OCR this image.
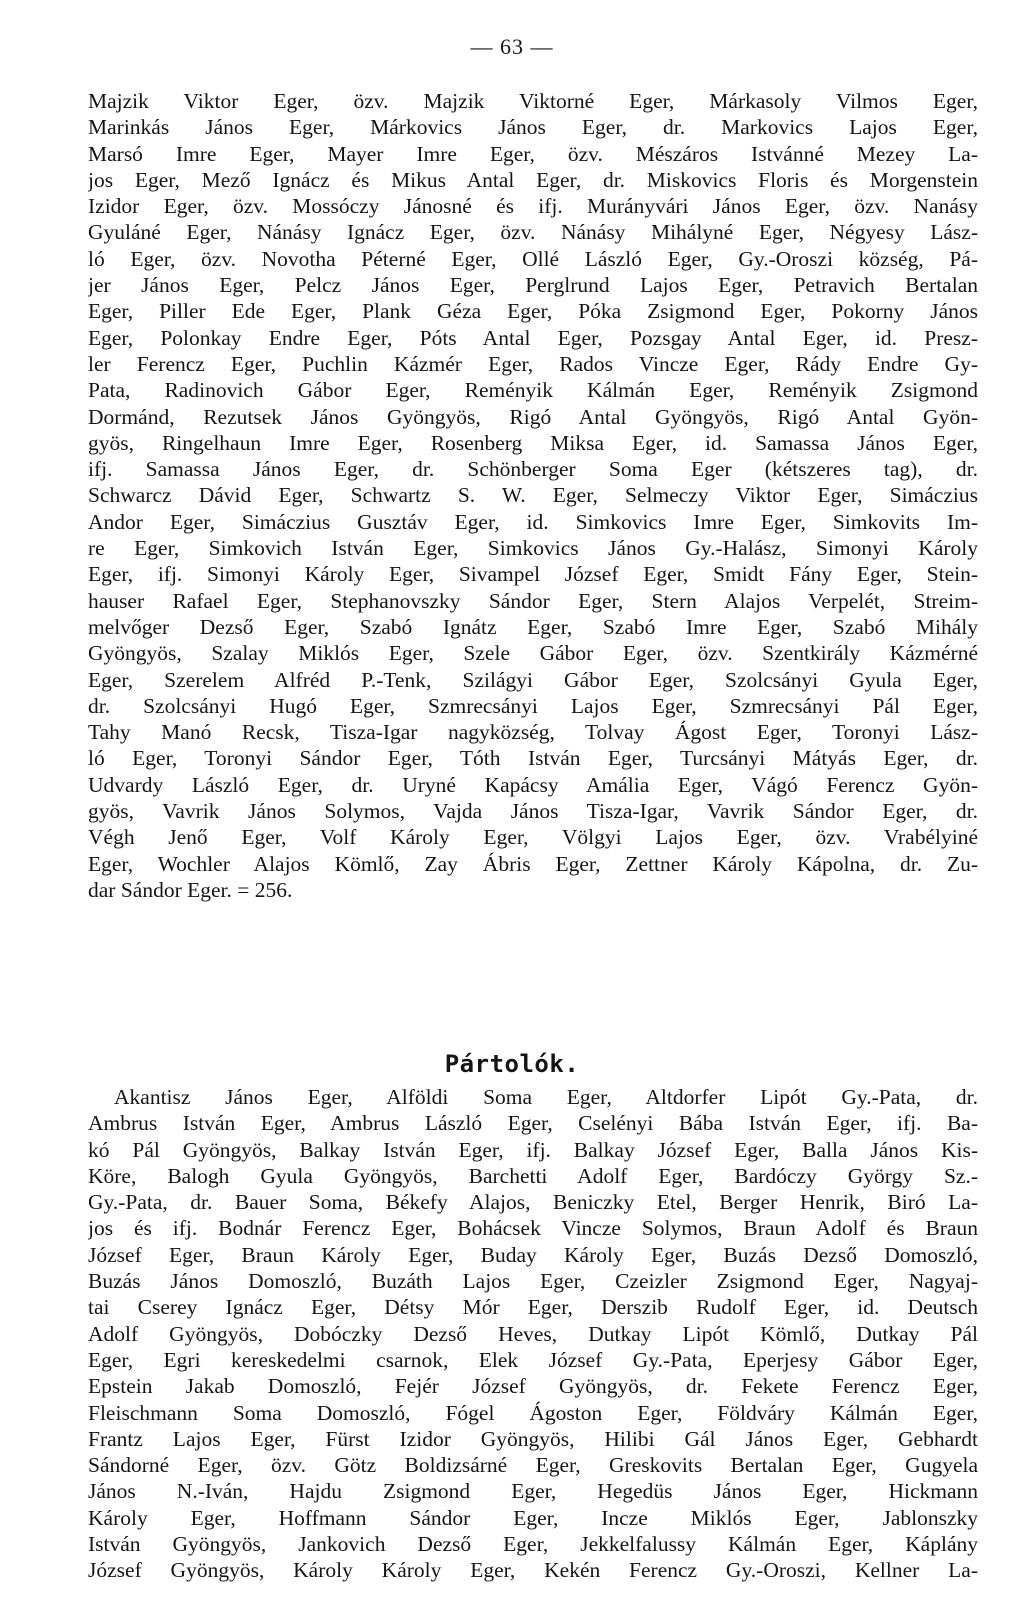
— 63 —
Majzik Viktor Eger, özv. Majzik Viktorné Eger, Márkasoly Vilmos Eger,
Marinkás János Eger, Márkovics János Eger, dr. Markovics Lajos Eger,
Marsó Imre Eger, Mayer Imre Eger, özv. Mészáros Istvánné Mezey La-
jos Eger, Mező Ignácz és Mikus Antal Eger, dr. Miskovics Floris és Morgenstein
Izidor Eger, özv. Mossóczy Jánosné és ifj. Murányvári János Eger, özv. Nanásy
Gyuláné Eger, Nánásy Ignácz Eger, özv. Nánásy Mihályné Eger, Négyesy Lász-
ló Eger, özv. Novotha Péterné Eger, Ollé László Eger, Gy.-Oroszi község, Pá-
jer János Eger, Pelcz János Eger, Perglrund Lajos Eger, Petravich Bertalan
Eger, Piller Ede Eger, Plank Géza Eger, Póka Zsigmond Eger, Pokorny János
Eger, Polonkay Endre Eger, Póts Antal Eger, Pozsgay Antal Eger, id. Presz-
ler Ferencz Eger, Puchlin Kázmér Eger, Rados Vincze Eger, Rády Endre Gy-
Pata, Radinovich Gábor Eger, Reményik Kálmán Eger, Reményik Zsigmond
Dormánd, Rezutsek János Gyöngyös, Rigó Antal Gyöngyös, Rigó Antal Gyön-
gyös, Ringelhaun Imre Eger, Rosenberg Miksa Eger, id. Samassa János Eger,
ifj. Samassa János Eger, dr. Schönberger Soma Eger (kétszeres tag), dr.
Schwarcz Dávid Eger, Schwartz S. W. Eger, Selmeczy Viktor Eger, Simáczius
Andor Eger, Simáczius Gusztáv Eger, id. Simkovics Imre Eger, Simkovits Im-
re Eger, Simkovich István Eger, Simkovics János Gy.-Halász, Simonyi Károly
Eger, ifj. Simonyi Károly Eger, Sivampel József Eger, Smidt Fány Eger, Stein-
hauser Rafael Eger, Stephanovszky Sándor Eger, Stern Alajos Verpelét, Streim-
melvőger Dezső Eger, Szabó Ignátz Eger, Szabó Imre Eger, Szabó Mihály
Gyöngyös, Szalay Miklós Eger, Szele Gábor Eger, özv. Szentkirály Kázmérné
Eger, Szerelem Alfréd P.-Tenk, Szilágyi Gábor Eger, Szolcsányi Gyula Eger,
dr. Szolcsányi Hugó Eger, Szmrecsányi Lajos Eger, Szmrecsányi Pál Eger,
Tahy Manó Recsk, Tisza-Igar nagyközség, Tolvay Ágost Eger, Toronyi Lász-
ló Eger, Toronyi Sándor Eger, Tóth István Eger, Turcsányi Mátyás Eger, dr.
Udvardy László Eger, dr. Uryné Kapácsy Amália Eger, Vágó Ferencz Gyön-
gyös, Vavrik János Solymos, Vajda János Tisza-Igar, Vavrik Sándor Eger, dr.
Végh Jenő Eger, Volf Károly Eger, Völgyi Lajos Eger, özv. Vrabélyiné
Eger, Wochler Alajos Kömlő, Zay Ábris Eger, Zettner Károly Kápolna, dr. Zu-
dar Sándor Eger. = 256.
Pártolók.
Akantisz János Eger, Alföldi Soma Eger, Altdorfer Lipót Gy.-Pata, dr.
Ambrus István Eger, Ambrus László Eger, Cselényi Bába István Eger, ifj. Ba-
kó Pál Gyöngyös, Balkay István Eger, ifj. Balkay József Eger, Balla János Kis-
Köre, Balogh Gyula Gyöngyös, Barchetti Adolf Eger, Bardóczy György Sz.-
Gy.-Pata, dr. Bauer Soma, Békefy Alajos, Beniczky Etel, Berger Henrik, Biró La-
jos és ifj. Bodnár Ferencz Eger, Bohácsek Vincze Solymos, Braun Adolf és Braun
József Eger, Braun Károly Eger, Buday Károly Eger, Buzás Dezső Domoszló,
Buzás János Domoszló, Buzáth Lajos Eger, Czeizler Zsigmond Eger, Nagyaj-
tai Cserey Ignácz Eger, Détsy Mór Eger, Derszib Rudolf Eger, id. Deutsch
Adolf Gyöngyös, Dobóczky Dezső Heves, Dutkay Lipót Kömlő, Dutkay Pál
Eger, Egri kereskedelmi csarnok, Elek József Gy.-Pata, Eperjesy Gábor Eger,
Epstein Jakab Domoszló, Fejér József Gyöngyös, dr. Fekete Ferencz Eger,
Fleischmann Soma Domoszló, Fógel Ágoston Eger, Földváry Kálmán Eger,
Frantz Lajos Eger, Fürst Izidor Gyöngyös, Hilibi Gál János Eger, Gebhardt
Sándorné Eger, özv. Götz Boldizsárné Eger, Greskovits Bertalan Eger, Gugyela
János N.-Iván, Hajdu Zsigmond Eger, Hegedüs János Eger, Hickmann
Károly Eger, Hoffmann Sándor Eger, Incze Miklós Eger, Jablonszky
István Gyöngyös, Jankovich Dezső Eger, Jekkelfalussy Kálmán Eger, Káplány
József Gyöngyös, Károly Károly Eger, Kekén Ferencz Gy.-Oroszi, Kellner La-
